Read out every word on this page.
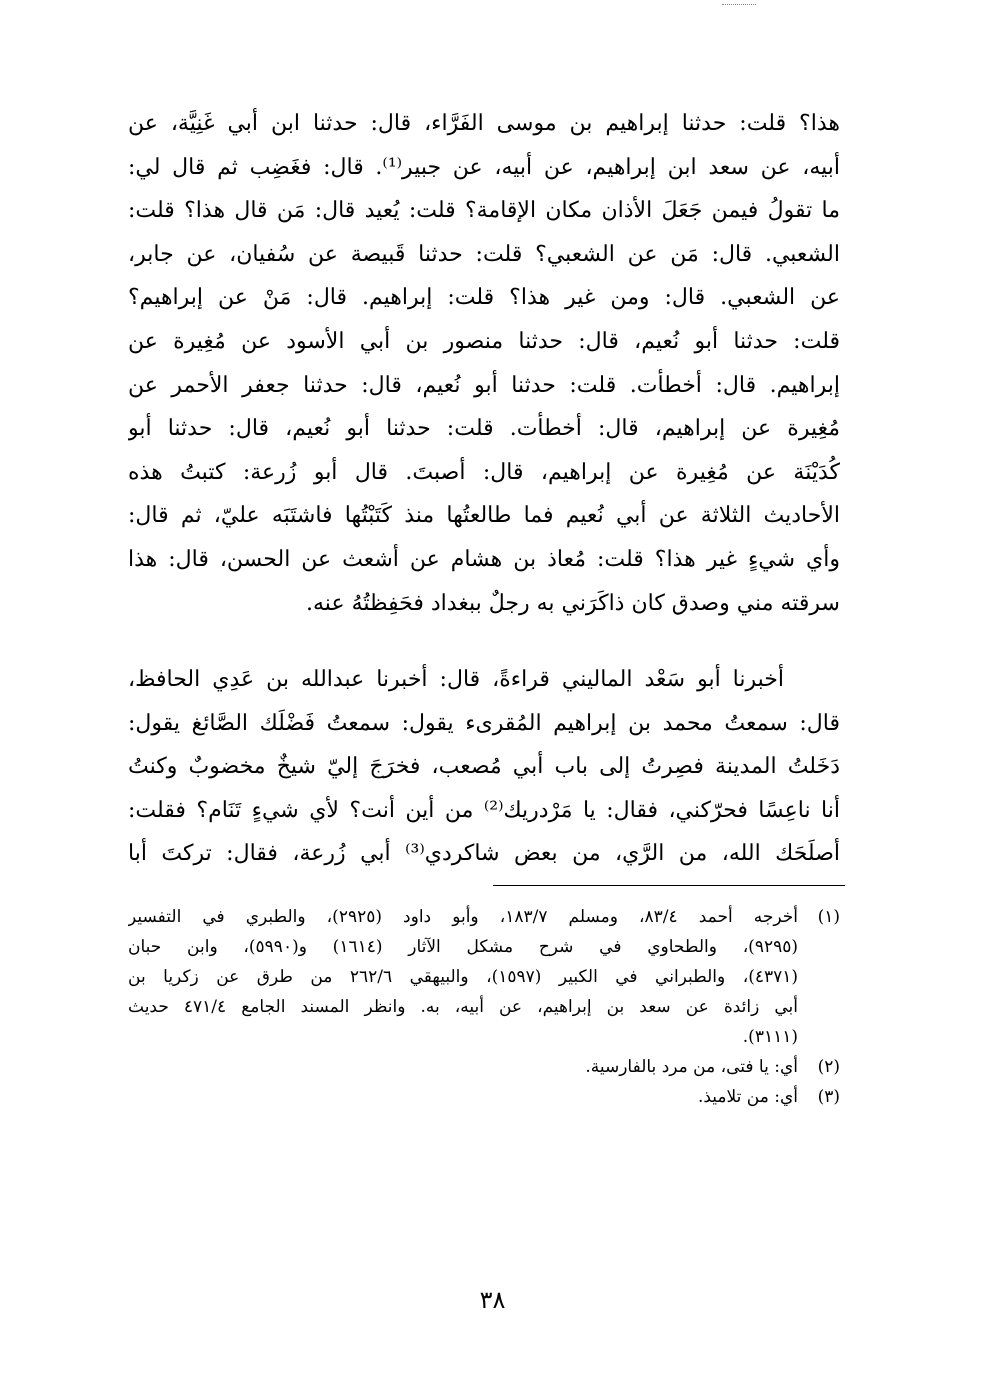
هذا؟ قلت: حدثنا إبراهيم بن موسى الفَرَّاء، قال: حدثنا ابن أبي غَنِيَّة، عن
أبيه، عن سعد ابن إبراهيم، عن أبيه، عن جبير⁽¹⁾. قال: فغَضِب ثم قال لي:
ما تقولُ فيمن جَعَلَ الأذان مكان الإقامة؟ قلت: يُعيد قال: مَن قال هذا؟ قلت:
الشعبي. قال: مَن عن الشعبي؟ قلت: حدثنا قَبيصة عن سُفيان، عن جابر،
عن الشعبي. قال: ومن غير هذا؟ قلت: إبراهيم. قال: مَنْ عن إبراهيم؟
قلت: حدثنا أبو نُعيم، قال: حدثنا منصور بن أبي الأسود عن مُغِيرة عن
إبراهيم. قال: أخطأت. قلت: حدثنا أبو نُعيم، قال: حدثنا جعفر الأحمر عن
مُغِيرة عن إبراهيم، قال: أخطأت. قلت: حدثنا أبو نُعيم، قال: حدثنا أبو
كُدَيْنَة عن مُغِيرة عن إبراهيم، قال: أصبتَ. قال أبو زُرعة: كتبتُ هذه
الأحاديث الثلاثة عن أبي نُعيم فما طالعتُها منذ كَتَبْتُها فاشتَبَه عليّ، ثم قال:
وأي شيءٍ غير هذا؟ قلت: مُعاذ بن هشام عن أشعث عن الحسن، قال: هذا
سرقته مني وصدق كان ذاكَرَني به رجلٌ ببغداد فحَفِظتُهُ عنه.
أخبرنا أبو سَعْد الماليني قراءةً، قال: أخبرنا عبدالله بن عَدِي الحافظ،
قال: سمعتُ محمد بن إبراهيم المُقرىء يقول: سمعتُ فَضْلَك الصَّائغ يقول:
دَخَلتُ المدينة فصِرتُ إلى باب أبي مُصعب، فخرَجَ إليّ شيخٌ مخضوبٌ وكنتُ
أنا ناعِسًا فحرّكني، فقال: يا مَرْدريك⁽²⁾ من أين أنت؟ لأي شيءٍ تَنَام؟ فقلت:
أصلَحَك الله، من الرَّي، من بعض شاكردي⁽³⁾ أبي زُرعة، فقال: تركتَ أبا
(١)أخرجه أحمد ٨٣/٤، ومسلم ١٨٣/٧، وأبو داود (٢٩٢٥)، والطبري في التفسير
(٩٢٩٥)، والطحاوي في شرح مشكل الآثار (١٦١٤) و(٥٩٩٠)، وابن حبان
(٤٣٧١)، والطبراني في الكبير (١٥٩٧)، والبيهقي ٢٦٢/٦ من طرق عن زكريا بن
أبي زائدة عن سعد بن إبراهيم، عن أبيه، به. وانظر المسند الجامع ٤٧١/٤ حديث
(٣١١١).
(٢)أي: يا فتى، من مرد بالفارسية.
(٣)أي: من تلاميذ.
٣٨
